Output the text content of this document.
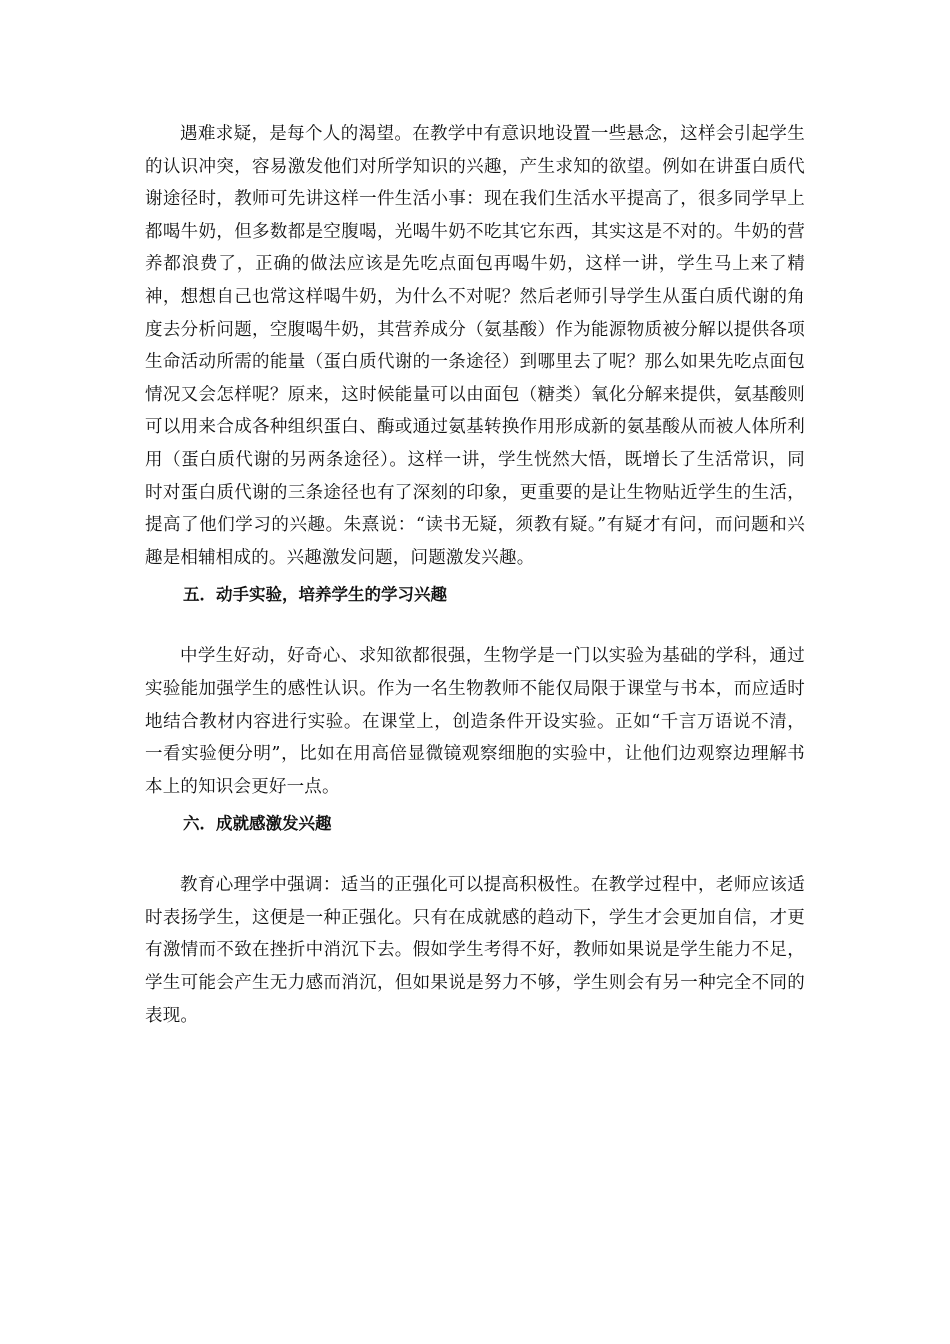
遇难求疑，是每个人的渴望。在教学中有意识地设置一些悬念，这样会引起学生的认识冲突，容易激发他们对所学知识的兴趣，产生求知的欲望。例如在讲蛋白质代谢途径时，教师可先讲这样一件生活小事：现在我们生活水平提高了，很多同学早上都喝牛奶，但多数都是空腹喝，光喝牛奶不吃其它东西，其实这是不对的。牛奶的营养都浪费了，正确的做法应该是先吃点面包再喝牛奶，这样一讲，学生马上来了精神，想想自己也常这样喝牛奶，为什么不对呢？然后老师引导学生从蛋白质代谢的角度去分析问题，空腹喝牛奶，其营养成分（氨基酸）作为能源物质被分解以提供各项生命活动所需的能量（蛋白质代谢的一条途径）到哪里去了呢？那么如果先吃点面包情况又会怎样呢？原来，这时候能量可以由面包（糖类）氧化分解来提供，氨基酸则可以用来合成各种组织蛋白、酶或通过氨基转换作用形成新的氨基酸从而被人体所利用（蛋白质代谢的另两条途径）。这样一讲，学生恍然大悟，既增长了生活常识，同时对蛋白质代谢的三条途径也有了深刻的印象，更重要的是让生物贴近学生的生活，提高了他们学习的兴趣。朱熹说：“读书无疑，须教有疑。”有疑才有问，而问题和兴趣是相辅相成的。兴趣激发问题，问题激发兴趣。

五．动手实验，培养学生的学习兴趣

中学生好动，好奇心、求知欲都很强，生物学是一门以实验为基础的学科，通过实验能加强学生的感性认识。作为一名生物教师不能仅局限于课堂与书本，而应适时地结合教材内容进行实验。在课堂上，创造条件开设实验。正如“千言万语说不清，一看实验便分明”，比如在用高倍显微镜观察细胞的实验中，让他们边观察边理解书本上的知识会更好一点。

六．成就感激发兴趣

教育心理学中强调：适当的正强化可以提高积极性。在教学过程中，老师应该适时表扬学生，这便是一种正强化。只有在成就感的趋动下，学生才会更加自信，才更有激情而不致在挫折中消沉下去。假如学生考得不好，教师如果说是学生能力不足，学生可能会产生无力感而消沉，但如果说是努力不够，学生则会有另一种完全不同的表现。
